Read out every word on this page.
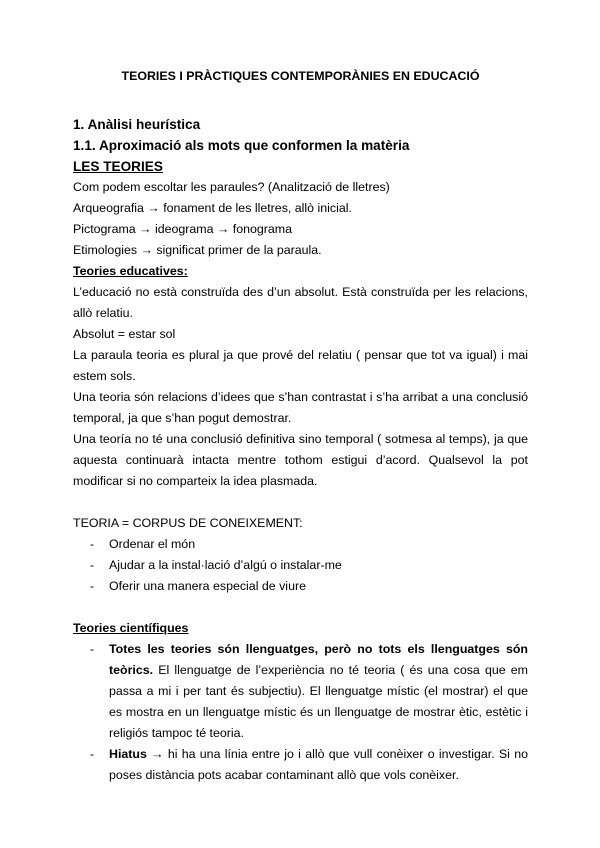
TEORIES I PRÀCTIQUES CONTEMPORÀNIES EN EDUCACIÓ

1. Anàlisi heurística

1.1. Aproximació als mots que conformen la matèria

LES TEORIES

Com podem escoltar les paraules? (Analització de lletres)

Arqueografia → fonament de les lletres, allò inicial.

Pictograma → ideograma → fonograma

Etimologies → significat primer de la paraula.

Teories educatives:

L’educació no està construïda des d’un absolut. Està construïda per les relacions, allò relatiu.

Absolut = estar sol

La paraula teoria es plural ja que prové del relatiu ( pensar que tot va igual) i mai estem sols.

Una teoria són relacions d’idees que s’han contrastat i s’ha arribat a una conclusió temporal, ja que s’han pogut demostrar.

Una teoría no té una conclusió definitiva sino temporal ( sotmesa al temps), ja que aquesta continuarà intacta mentre tothom estigui d’acord. Qualsevol la pot modificar si no comparteix la idea plasmada.

TEORIA = CORPUS DE CONEIXEMENT:

- Ordenar el món
- Ajudar a la instal·lació d’algú o instalar-me
- Oferir una manera especial de viure

Teories científiques

- Totes les teories són llenguatges, però no tots els llenguatges són teòrics. El llenguatge de l’experiència no té teoria ( és una cosa que em passa a mi i per tant és subjectiu). El llenguatge místic (el mostrar) el que es mostra en un llenguatge místic és un llenguatge de mostrar ètic, estètic i religiós tampoc té teoria.
- Hiatus → hi ha una línia entre jo i allò que vull conèixer o investigar. Si no poses distància pots acabar contaminant allò que vols conèixer.
